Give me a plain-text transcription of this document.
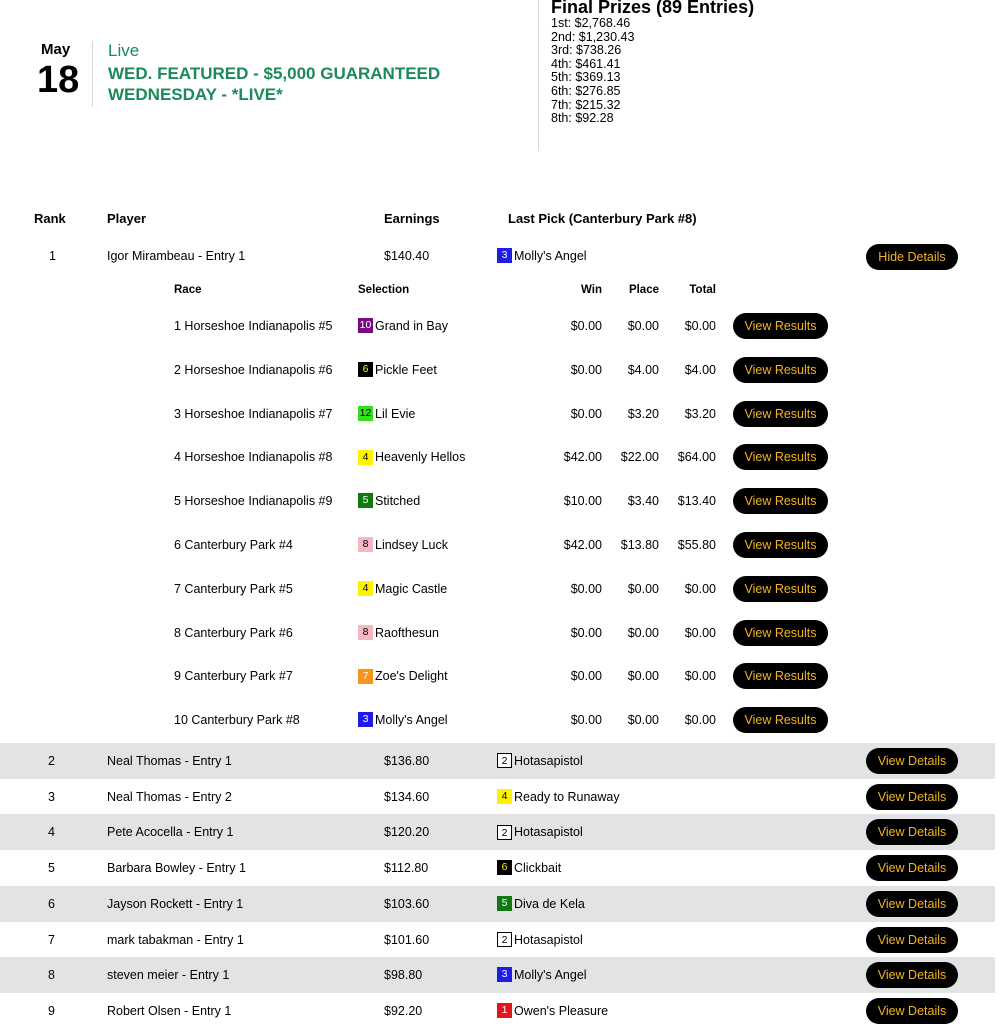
May
18
Live
WED. FEATURED - $5,000 GUARANTEED
WEDNESDAY - *LIVE*
Final Prizes (89 Entries)
1st: $2,768.46
2nd: $1,230.43
3rd: $738.26
4th: $461.41
5th: $369.13
6th: $276.85
7th: $215.32
8th: $92.28
Rank	Player	Earnings	Last Pick (Canterbury Park #8)
1	Igor Mirambeau - Entry 1	$140.40	3 Molly's Angel	Hide Details
Race	Selection	Win	Place	Total
1 Horseshoe Indianapolis #5	10 Grand in Bay	$0.00	$0.00	$0.00	View Results
2 Horseshoe Indianapolis #6	6 Pickle Feet	$0.00	$4.00	$4.00	View Results
3 Horseshoe Indianapolis #7	12 Lil Evie	$0.00	$3.20	$3.20	View Results
4 Horseshoe Indianapolis #8	4 Heavenly Hellos	$42.00	$22.00	$64.00	View Results
5 Horseshoe Indianapolis #9	5 Stitched	$10.00	$3.40	$13.40	View Results
6 Canterbury Park #4	8 Lindsey Luck	$42.00	$13.80	$55.80	View Results
7 Canterbury Park #5	4 Magic Castle	$0.00	$0.00	$0.00	View Results
8 Canterbury Park #6	8 Raofthesun	$0.00	$0.00	$0.00	View Results
9 Canterbury Park #7	7 Zoe's Delight	$0.00	$0.00	$0.00	View Results
10 Canterbury Park #8	3 Molly's Angel	$0.00	$0.00	$0.00	View Results
2	Neal Thomas - Entry 1	$136.80	2 Hotasapistol	View Details
3	Neal Thomas - Entry 2	$134.60	4 Ready to Runaway	View Details
4	Pete Acocella - Entry 1	$120.20	2 Hotasapistol	View Details
5	Barbara Bowley - Entry 1	$112.80	6 Clickbait	View Details
6	Jayson Rockett - Entry 1	$103.60	5 Diva de Kela	View Details
7	mark tabakman - Entry 1	$101.60	2 Hotasapistol	View Details
8	steven meier - Entry 1	$98.80	3 Molly's Angel	View Details
9	Robert Olsen - Entry 1	$92.20	1 Owen's Pleasure	View Details
